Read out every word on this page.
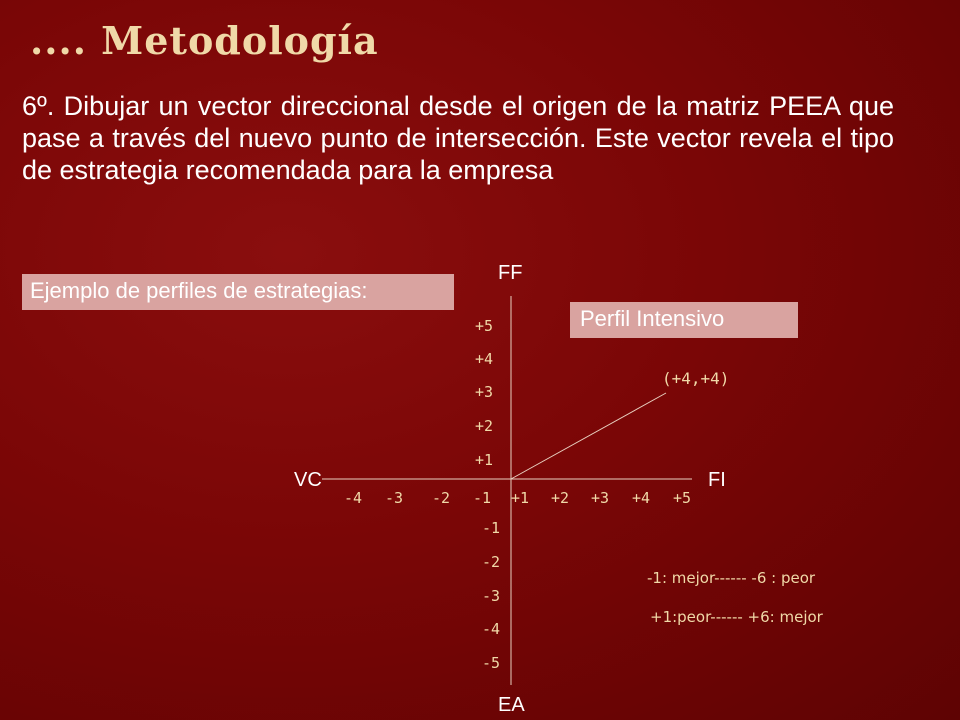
.... Metodología
6º. Dibujar un vector direccional desde el origen de la matriz PEEA que pase a través del nuevo punto de intersección. Este vector revela el tipo de estrategia recomendada para la empresa
Ejemplo de perfiles de estrategias:
Perfil Intensivo
FF
EA
VC	FI
+5
+4
+3
+2
+1
-1
-2
-3
-4
-5
-4 -3 -2 -1 +1 +2 +3 +4 +5
(+4,+4)
-1: mejor------ -6 : peor
+1:peor------ +6: mejor
